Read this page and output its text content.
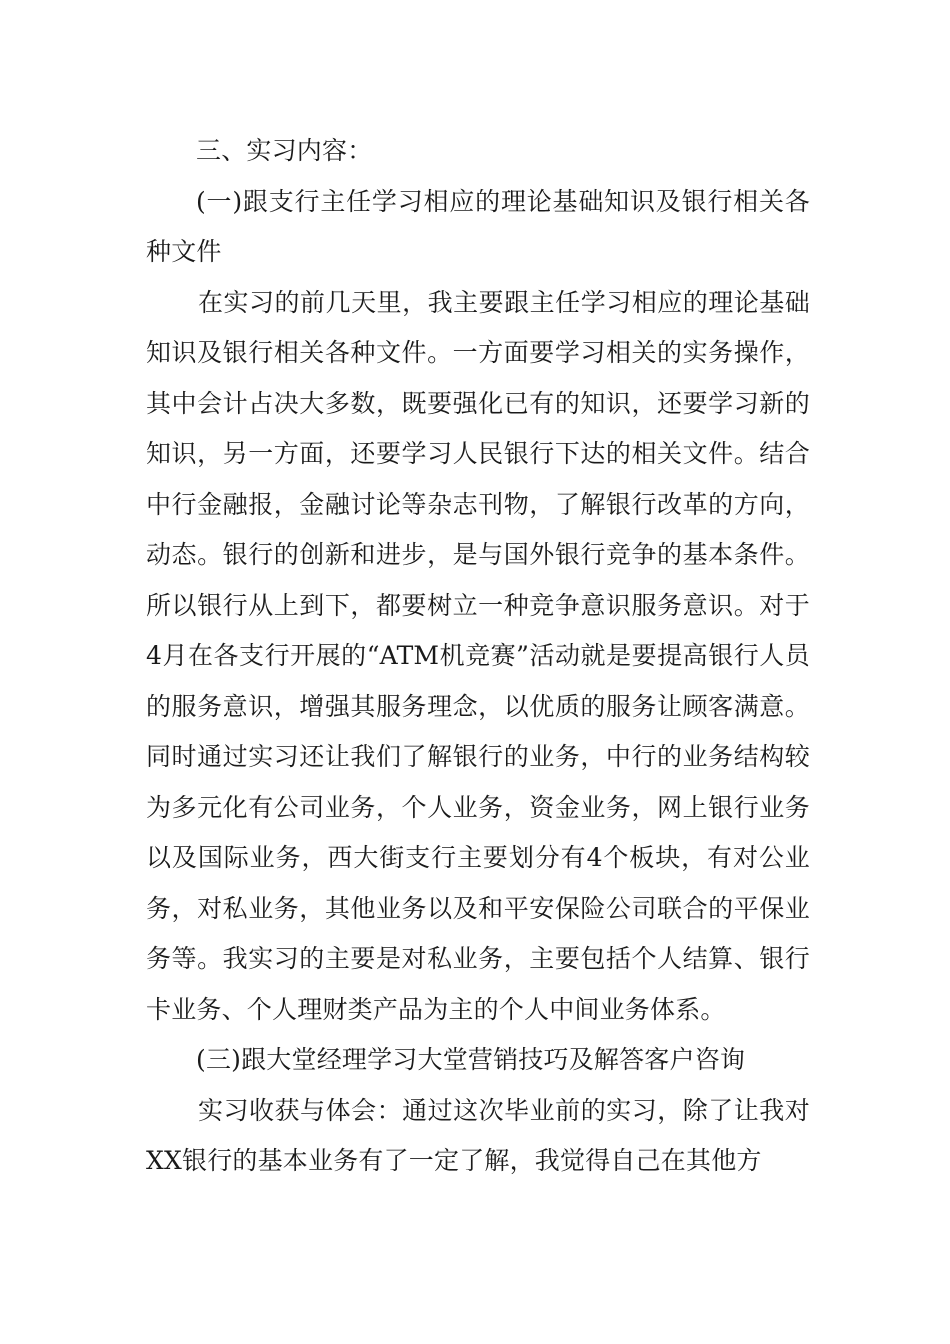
三、实习内容：

(一)跟支行主任学习相应的理论基础知识及银行相关各种文件

在实习的前几天里，我主要跟主任学习相应的理论基础知识及银行相关各种文件。一方面要学习相关的实务操作，其中会计占决大多数，既要强化已有的知识，还要学习新的知识，另一方面，还要学习人民银行下达的相关文件。结合中行金融报，金融讨论等杂志刊物，了解银行改革的方向，动态。银行的创新和进步，是与国外银行竞争的基本条件。所以银行从上到下，都要树立一种竞争意识服务意识。对于4月在各支行开展的“ATM机竞赛”活动就是要提高银行人员的服务意识，增强其服务理念，以优质的服务让顾客满意。同时通过实习还让我们了解银行的业务，中行的业务结构较为多元化有公司业务，个人业务，资金业务，网上银行业务以及国际业务，西大街支行主要划分有4个板块，有对公业务，对私业务，其他业务以及和平安保险公司联合的平保业务等。我实习的主要是对私业务，主要包括个人结算、银行卡业务、个人理财类产品为主的个人中间业务体系。

(三)跟大堂经理学习大堂营销技巧及解答客户咨询

实习收获与体会：通过这次毕业前的实习，除了让我对XX银行的基本业务有了一定了解，我觉得自己在其他方
